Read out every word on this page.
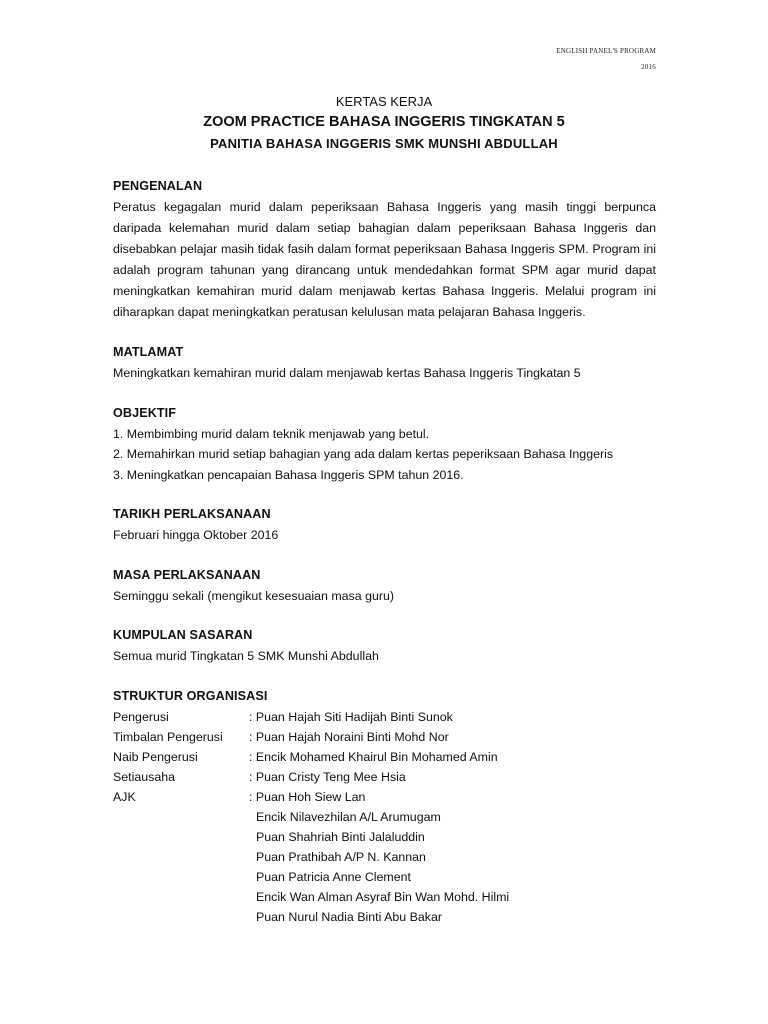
ENGLISH PANEL'S PROGRAM
2016
KERTAS KERJA
ZOOM PRACTICE BAHASA INGGERIS TINGKATAN 5
PANITIA BAHASA INGGERIS SMK MUNSHI ABDULLAH
PENGENALAN
Peratus kegagalan murid dalam peperiksaan Bahasa Inggeris yang masih tinggi berpunca daripada kelemahan murid dalam setiap bahagian dalam peperiksaan Bahasa Inggeris dan disebabkan pelajar masih tidak fasih dalam format peperiksaan Bahasa Inggeris SPM. Program ini adalah program tahunan yang dirancang untuk mendedahkan format SPM agar murid dapat meningkatkan kemahiran murid dalam menjawab kertas Bahasa Inggeris. Melalui program ini diharapkan dapat meningkatkan peratusan kelulusan mata pelajaran Bahasa Inggeris.
MATLAMAT
Meningkatkan kemahiran murid dalam menjawab kertas Bahasa Inggeris Tingkatan 5
OBJEKTIF
1. Membimbing murid dalam teknik menjawab yang betul.
2. Memahirkan murid setiap bahagian yang ada dalam kertas peperiksaan Bahasa Inggeris
3. Meningkatkan pencapaian Bahasa Inggeris SPM tahun 2016.
TARIKH PERLAKSANAAN
Februari hingga Oktober 2016
MASA PERLAKSANAAN
Seminggu sekali (mengikut kesesuaian masa guru)
KUMPULAN SASARAN
Semua murid Tingkatan 5 SMK Munshi Abdullah
STRUKTUR ORGANISASI
Pengerusi	: Puan Hajah Siti Hadijah Binti Sunok
Timbalan Pengerusi	: Puan Hajah Noraini Binti Mohd Nor
Naib Pengerusi	: Encik Mohamed Khairul Bin Mohamed Amin
Setiausaha	: Puan Cristy Teng Mee Hsia
AJK	: Puan Hoh Siew Lan
Encik Nilavezhilan A/L Arumugam
Puan Shahriah Binti Jalaluddin
Puan Prathibah A/P N. Kannan
Puan Patricia Anne Clement
Encik Wan Alman Asyraf Bin Wan Mohd. Hilmi
Puan Nurul Nadia Binti Abu Bakar
